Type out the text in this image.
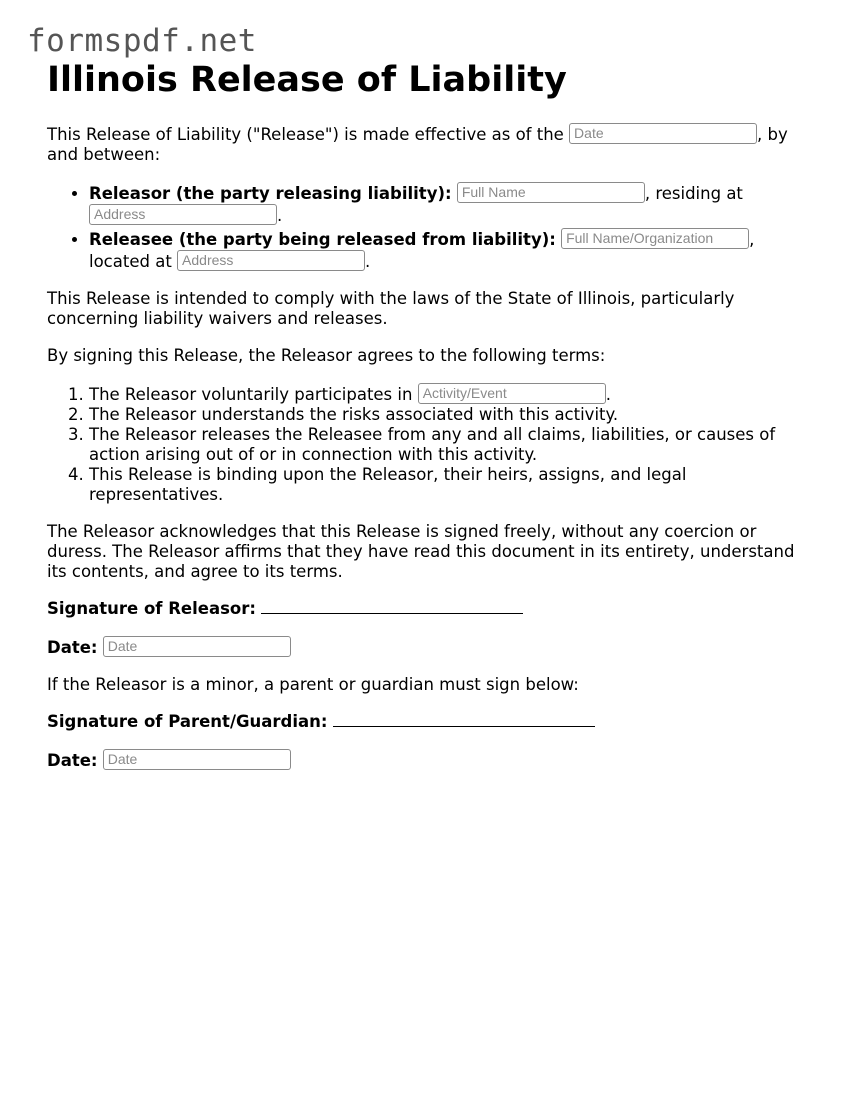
formspdf.net
Illinois Release of Liability

This Release of Liability ("Release") is made effective as of the Date	, by and between:

• Releasor (the party releasing liability): Full Name	, residing at Address	.
• Releasee (the party being released from liability): Full Name/Organization , located at Address	.

This Release is intended to comply with the laws of the State of Illinois, particularly concerning liability waivers and releases.

By signing this Release, the Releasor agrees to the following terms:

1. The Releasor voluntarily participates in Activity/Event	.
2. The Releasor understands the risks associated with this activity.
3. The Releasor releases the Releasee from any and all claims, liabilities, or causes of action arising out of or in connection with this activity.
4. This Release is binding upon the Releasor, their heirs, assigns, and legal representatives.

The Releasor acknowledges that this Release is signed freely, without any coercion or duress. The Releasor affirms that they have read this document in its entirety, understand its contents, and agree to its terms.

Signature of Releasor:

Date: Date

If the Releasor is a minor, a parent or guardian must sign below:

Signature of Parent/Guardian:

Date: Date
